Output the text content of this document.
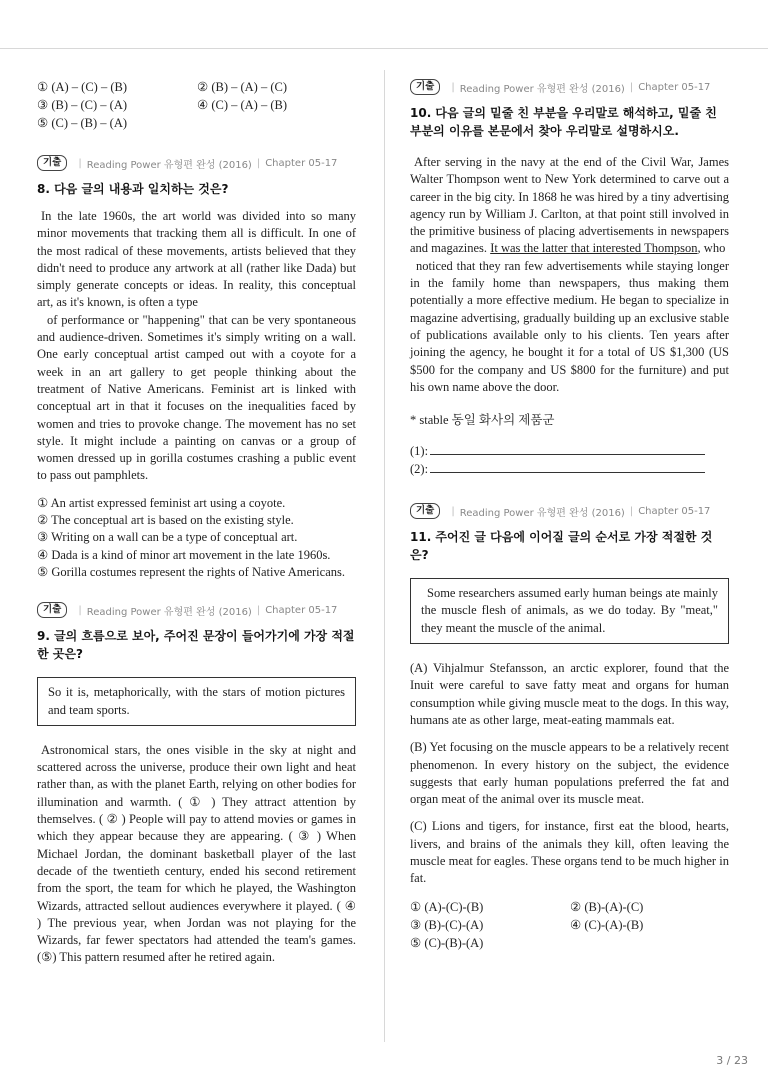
① (A) – (C) – (B)	② (B) – (A) – (C)
③ (B) – (C) – (A)	④ (C) – (A) – (B)
⑤ (C) – (B) – (A)
기출	| Reading Power 유형편 완성 (2016) | Chapter 05-17
8. 다음 글의 내용과 일치하는 것은?

In the late 1960s, the art world was divided into so many minor movements that tracking them all is difficult. In one of the most radical of these movements, artists believed that they didn't need to produce any artwork at all (rather like Dada) but simply generate concepts or ideas. In reality, this conceptual art, as it's known, is often a type

of performance or "happening" that can be very spontaneous and audience-driven. Sometimes it's simply writing on a wall. One early conceptual artist camped out with a coyote for a week in an art gallery to get people thinking about the treatment of Native Americans. Feminist art is linked with conceptual art in that it focuses on the inequalities faced by women and tries to provoke change. The movement has no set style. It might include a painting on canvas or a group of women dressed up in gorilla costumes crashing a public event to pass out pamphlets.

① An artist expressed feminist art using a coyote.
② The conceptual art is based on the existing style.
③ Writing on a wall can be a type of conceptual art.
④ Dada is a kind of minor art movement in the late 1960s.
⑤ Gorilla costumes represent the rights of Native Americans.
기출	| Reading Power 유형편 완성 (2016) | Chapter 05-17
9. 글의 흐름으로 보아, 주어진 문장이 들어가기에 가장 적절한 곳은?
So it is, metaphorically, with the stars of motion pictures and team sports.

Astronomical stars, the ones visible in the sky at night and scattered across the universe, produce their own light and heat rather than, as with the planet Earth, relying on other bodies for illumination and warmth. ( ① ) They attract attention by themselves. ( ② ) People will pay to attend movies or games in which they appear because they are appearing. ( ③ ) When Michael Jordan, the dominant basketball player of the last decade of the twentieth century, ended his second retirement from the sport, the team for which he played, the Washington Wizards, attracted sellout audiences everywhere it played. ( ④ ) The previous year, when Jordan was not playing for the Wizards, far fewer spectators had attended the team's games. (⑤) This pattern resumed after he retired again.

기출	| Reading Power 유형편 완성 (2016) | Chapter 05-17
10. 다음 글의 밑줄 친 부분을 우리말로 해석하고, 밑줄 친 부분의 이유를 본문에서 찾아 우리말로 설명하시오.

After serving in the navy at the end of the Civil War, James Walter Thompson went to New York determined to carve out a career in the big city. In 1868 he was hired by a tiny advertising agency run by William J. Carlton, at that point still involved in the primitive business of placing advertisements in newspapers and magazines. It was the latter that interested Thompson, who

noticed that they ran few advertisements while staying longer in the family home than newspapers, thus making them potentially a more effective medium. He began to specialize in magazine advertising, gradually building up an exclusive stable of publications available only to his clients. Ten years after joining the agency, he bought it for a total of US $1,300 (US $500 for the company and US $800 for the furniture) and put his own name above the door.

* stable 동일 화사의 제품군
(1):
(2):
기출	| Reading Power 유형편 완성 (2016) | Chapter 05-17
11. 주어진 글 다음에 이어질 글의 순서로 가장 적절한 것은?
Some researchers assumed early human beings ate mainly the muscle flesh of animals, as we do today. By "meat," they meant the muscle of the animal.

(A) Vihjalmur Stefansson, an arctic explorer, found that the Inuit were careful to save fatty meat and organs for human consumption while giving muscle meat to the dogs. In this way, humans ate as other large, meat-eating mammals eat.

(B) Yet focusing on the muscle appears to be a relatively recent phenomenon. In every history on the subject, the evidence suggests that early human populations preferred the fat and organ meat of the animal over its muscle meat.

(C) Lions and tigers, for instance, first eat the blood, hearts, livers, and brains of the animals they kill, often leaving the muscle meat for eagles. These organs tend to be much higher in fat.

① (A)-(C)-(B)	② (B)-(A)-(C)
③ (B)-(C)-(A)	④ (C)-(A)-(B)
⑤ (C)-(B)-(A)
3 / 23
